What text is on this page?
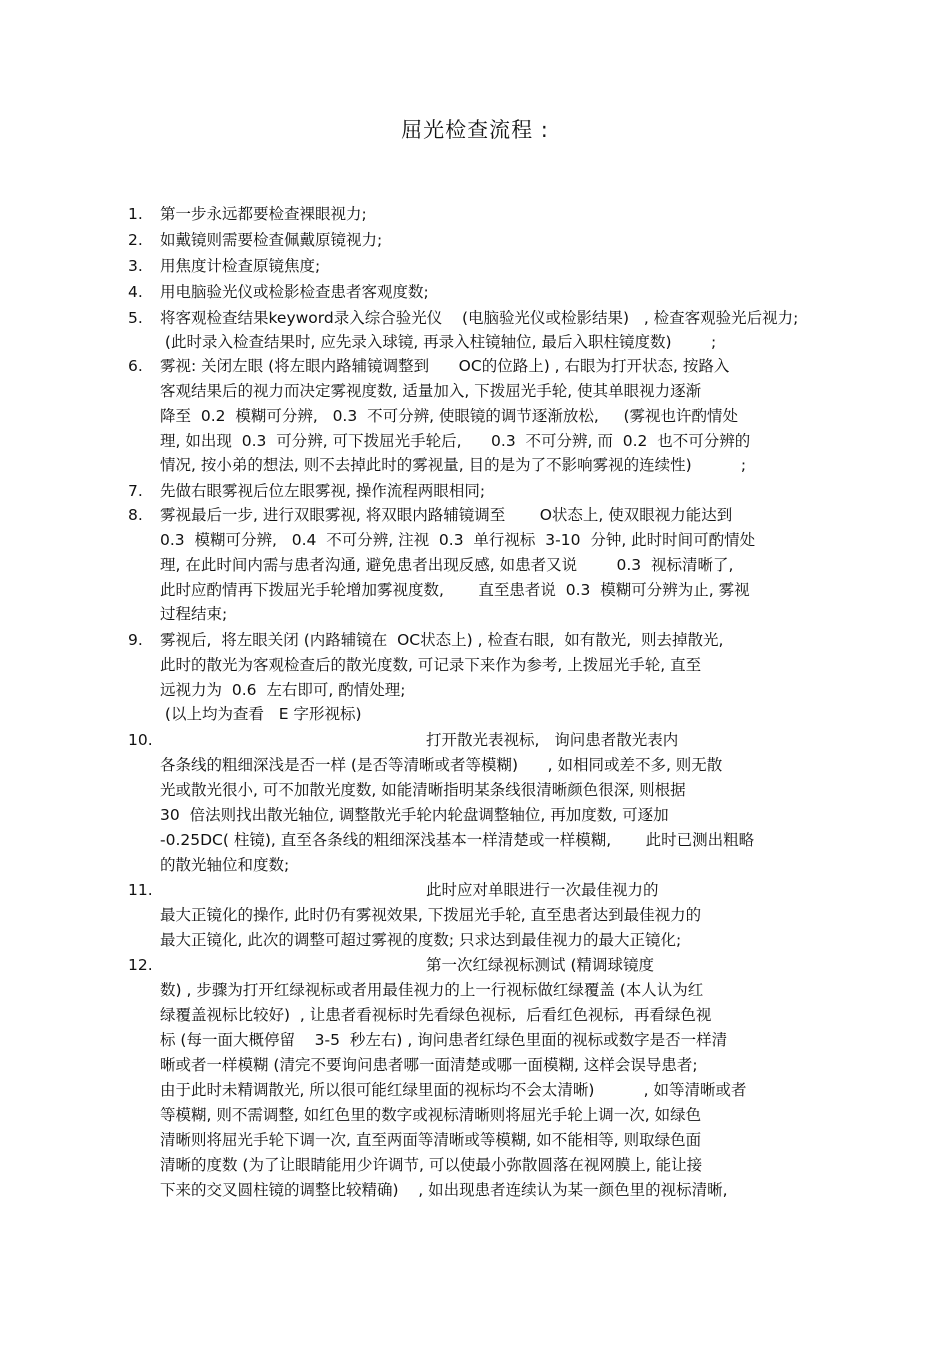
屈光检查流程 :
1. 第一步永远都要检查裸眼视力;
2. 如戴镜则需要检查佩戴原镜视力;
3. 用焦度计检查原镜焦度;
4. 用电脑验光仪或检影检查患者客观度数;
5. 将客观检查结果keyword录入综合验光仪    (电脑验光仪或检影结果)   , 检查客观验光后视力;
(此时录入检查结果时, 应先录入球镜, 再录入柱镜轴位, 最后入职柱镜度数)        ;
6. 雾视: 关闭左眼 (将左眼内路辅镜调整到      OC的位路上) , 右眼为打开状态, 按路入
客观结果后的视力而决定雾视度数, 适量加入, 下拨屈光手轮, 使其单眼视力逐渐
降至  0.2  模糊可分辨,   0.3  不可分辨, 使眼镜的调节逐渐放松,     (雾视也许酌情处
理, 如出现  0.3  可分辨, 可下拨屈光手轮后,      0.3  不可分辨, 而  0.2  也不可分辨的
情况, 按小弟的想法, 则不去掉此时的雾视量, 目的是为了不影响雾视的连续性)          ;
7. 先做右眼雾视后位左眼雾视, 操作流程两眼相同;
8. 雾视最后一步, 进行双眼雾视, 将双眼内路辅镜调至       O状态上, 使双眼视力能达到
0.3  模糊可分辨,   0.4  不可分辨, 注视  0.3  单行视标  3-10  分钟, 此时时间可酌情处
理, 在此时间内需与患者沟通, 避免患者出现反感, 如患者又说        0.3  视标清晰了,
此时应酌情再下拨屈光手轮增加雾视度数,       直至患者说  0.3  模糊可分辨为止, 雾视
过程结束;
9. 雾视后,  将左眼关闭 (内路辅镜在  OC状态上) , 检查右眼,  如有散光,  则去掉散光,
此时的散光为客观检查后的散光度数, 可记录下来作为参考, 上拨屈光手轮, 直至
远视力为  0.6  左右即可, 酌情处理;
(以上均为查看   E 字形视标)
10. 打开散光表视标,   询问患者散光表内
各条线的粗细深浅是否一样 (是否等清晰或者等模糊)      , 如相同或差不多, 则无散
光或散光很小, 可不加散光度数, 如能清晰指明某条线很清晰颜色很深, 则根据
30  倍法则找出散光轴位, 调整散光手轮内轮盘调整轴位, 再加度数, 可逐加
-0.25DC( 柱镜), 直至各条线的粗细深浅基本一样清楚或一样模糊,       此时已测出粗略
的散光轴位和度数;
11. 此时应对单眼进行一次最佳视力的
最大正镜化的操作, 此时仍有雾视效果, 下拨屈光手轮, 直至患者达到最佳视力的
最大正镜化, 此次的调整可超过雾视的度数; 只求达到最佳视力的最大正镜化;
12. 第一次红绿视标测试 (精调球镜度
数) , 步骤为打开红绿视标或者用最佳视力的上一行视标做红绿覆盖 (本人认为红
绿覆盖视标比较好)  , 让患者看视标时先看绿色视标,  后看红色视标,  再看绿色视
标 (每一面大概停留    3-5  秒左右) , 询问患者红绿色里面的视标或数字是否一样清
晰或者一样模糊 (清完不要询问患者哪一面清楚或哪一面模糊, 这样会误导患者;
由于此时未精调散光, 所以很可能红绿里面的视标均不会太清晰)          , 如等清晰或者
等模糊, 则不需调整, 如红色里的数字或视标清晰则将屈光手轮上调一次, 如绿色
清晰则将屈光手轮下调一次, 直至两面等清晰或等模糊, 如不能相等, 则取绿色面
清晰的度数 (为了让眼睛能用少许调节, 可以使最小弥散圆落在视网膜上, 能让接
下来的交叉圆柱镜的调整比较精确)    , 如出现患者连续认为某一颜色里的视标清晰,
